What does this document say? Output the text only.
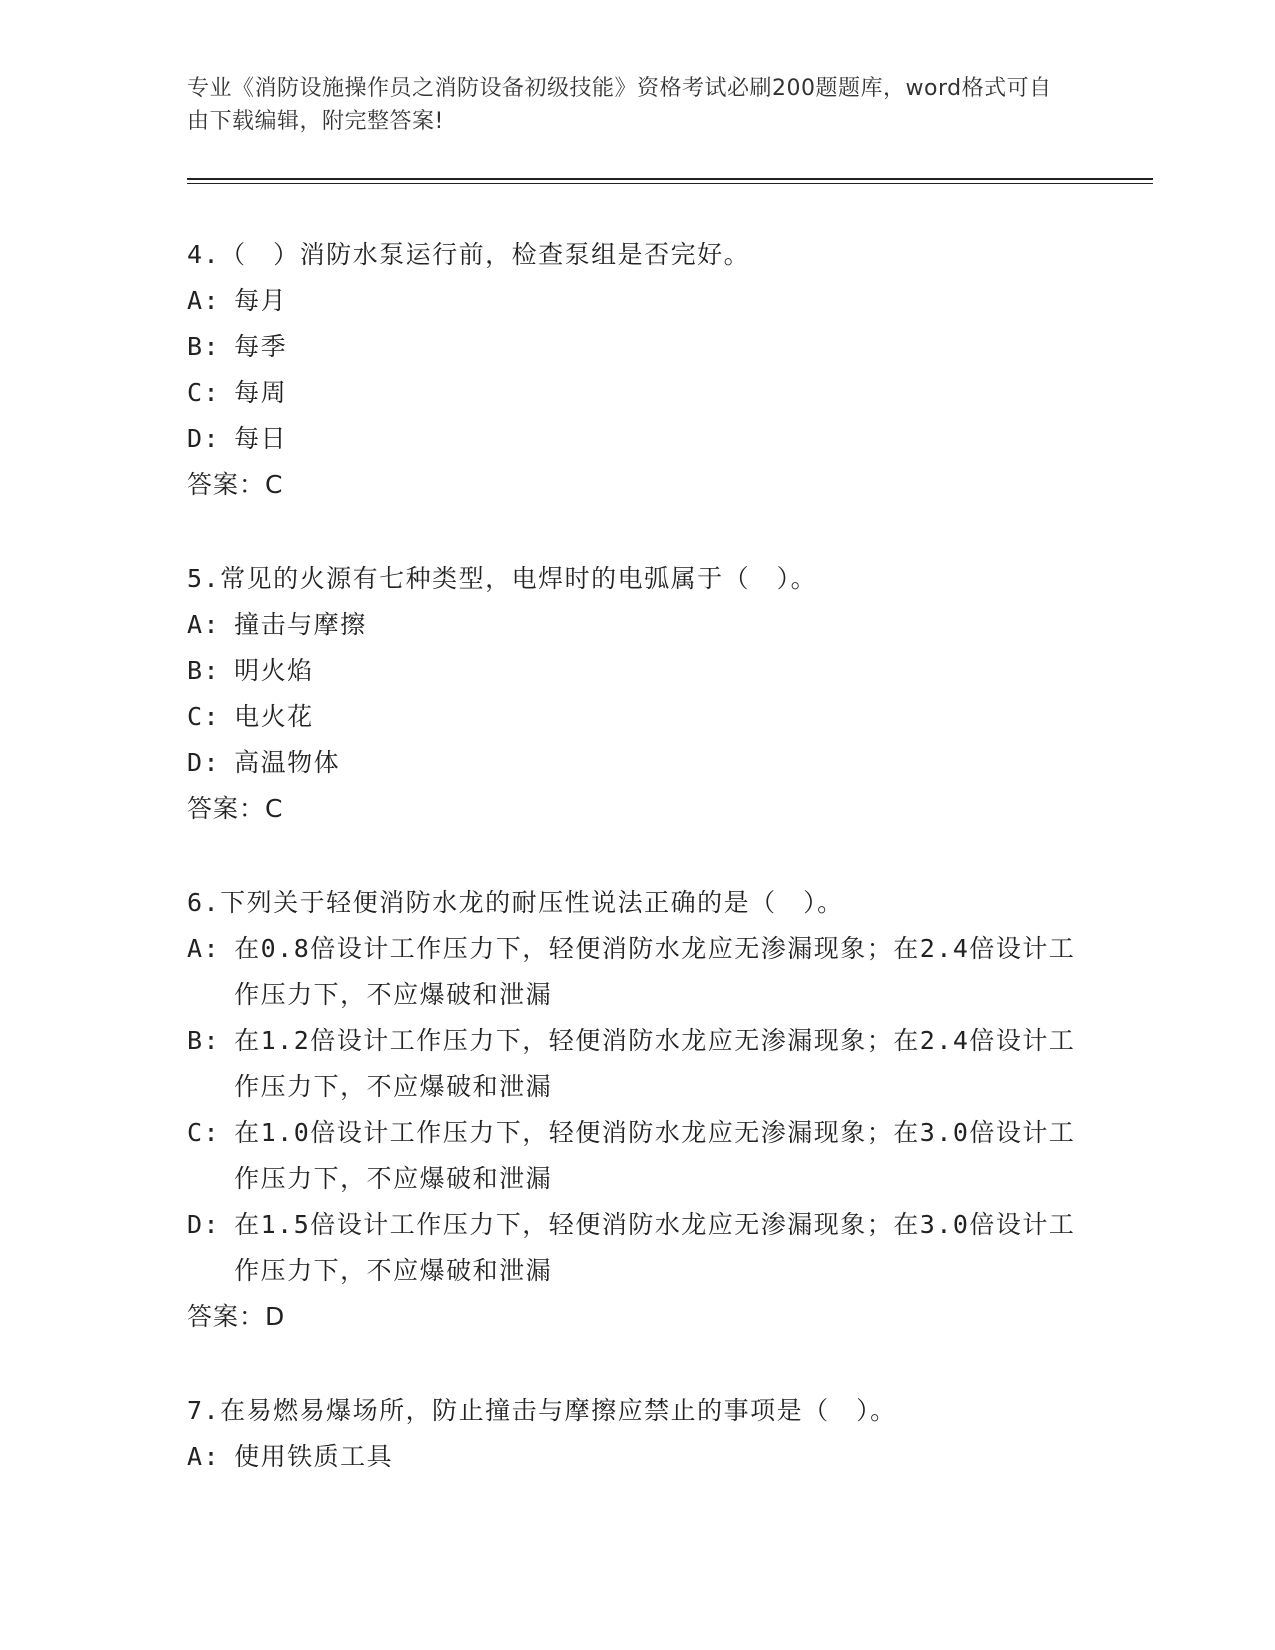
专业《消防设施操作员之消防设备初级技能》资格考试必刷200题题库，word格式可自由下载编辑，附完整答案!
4.（　）消防水泵运行前，检查泵组是否完好。
A: 每月
B: 每季
C: 每周
D: 每日
答案：C
5.常见的火源有七种类型，电焊时的电弧属于（　）。
A: 撞击与摩擦
B: 明火焰
C: 电火花
D: 高温物体
答案：C
6.下列关于轻便消防水龙的耐压性说法正确的是（　）。
A: 在0.8倍设计工作压力下，轻便消防水龙应无渗漏现象；在2.4倍设计工作压力下，不应爆破和泄漏
B: 在1.2倍设计工作压力下，轻便消防水龙应无渗漏现象；在2.4倍设计工作压力下，不应爆破和泄漏
C: 在1.0倍设计工作压力下，轻便消防水龙应无渗漏现象；在3.0倍设计工作压力下，不应爆破和泄漏
D: 在1.5倍设计工作压力下，轻便消防水龙应无渗漏现象；在3.0倍设计工作压力下，不应爆破和泄漏
答案：D
7.在易燃易爆场所，防止撞击与摩擦应禁止的事项是（　）。
A: 使用铁质工具
